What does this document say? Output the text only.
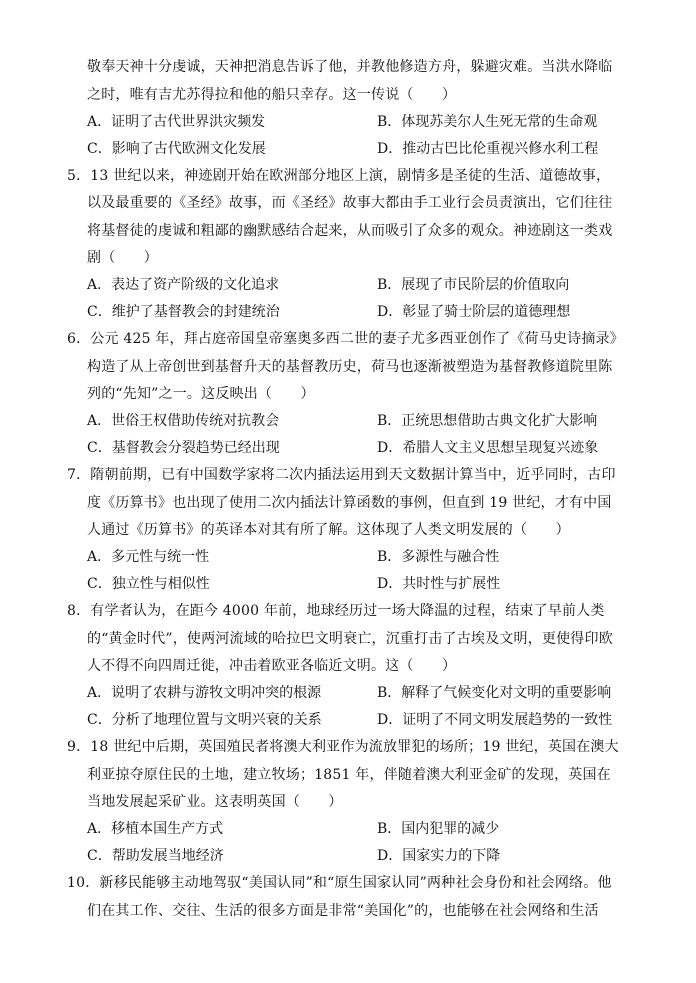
敬奉天神十分虔诚，天神把消息告诉了他，并教他修造方舟，躲避灾难。当洪水降临
之时，唯有吉尤苏得拉和他的船只幸存。这一传说（　　）
A．证明了古代世界洪灾频发	B．体现苏美尔人生死无常的生命观
C．影响了古代欧洲文化发展	D．推动古巴比伦重视兴修水利工程
5．13 世纪以来，神迹剧开始在欧洲部分地区上演，剧情多是圣徒的生活、道德故事，
以及最重要的《圣经》故事，而《圣经》故事大都由手工业行会员责演出，它们往往
将基督徒的虔诚和粗鄙的幽默感结合起来，从而吸引了众多的观众。神迹剧这一类戏
剧（　　）
A．表达了资产阶级的文化追求	B．展现了市民阶层的价值取向
C．维护了基督教会的封建统治	D．彰显了骑士阶层的道德理想
6．公元 425 年，拜占庭帝国皇帝塞奥多西二世的妻子尤多西亚创作了《荷马史诗摘录》
构造了从上帝创世到基督升天的基督教历史，荷马也逐渐被塑造为基督教修道院里陈
列的“先知”之一。这反映出（　　）
A．世俗王权借助传统对抗教会	B．正统思想借助古典文化扩大影响
C．基督教会分裂趋势已经出现	D．希腊人文主义思想呈现复兴迹象
7．隋朝前期，已有中国数学家将二次内插法运用到天文数据计算当中，近乎同时，古印
度《历算书》也出现了使用二次内插法计算函数的事例，但直到 19 世纪，才有中国
人通过《历算书》的英译本对其有所了解。这体现了人类文明发展的（　　）
A．多元性与统一性	B．多源性与融合性
C．独立性与相似性	D．共时性与扩展性
8．有学者认为，在距今 4000 年前，地球经历过一场大降温的过程，结束了早前人类
的“黄金时代”，使两河流域的哈拉巴文明衰亡，沉重打击了古埃及文明，更使得印欧
人不得不向四周迁徙，冲击着欧亚各临近文明。这（　　）
A．说明了农耕与游牧文明冲突的根源	B．解释了气候变化对文明的重要影响
C．分析了地理位置与文明兴衰的关系	D．证明了不同文明发展趋势的一致性
9．18 世纪中后期，英国殖民者将澳大利亚作为流放罪犯的场所；19 世纪，英国在澳大
利亚掠夺原住民的土地，建立牧场；1851 年，伴随着澳大利亚金矿的发现，英国在
当地发展起采矿业。这表明英国（　　）
A．移植本国生产方式	B．国内犯罪的减少
C．帮助发展当地经济	D．国家实力的下降
10．新移民能够主动地驾驭“美国认同”和“原生国家认同”两种社会身份和社会网络。他
们在其工作、交往、生活的很多方面是非常“美国化”的，也能够在社会网络和生活
